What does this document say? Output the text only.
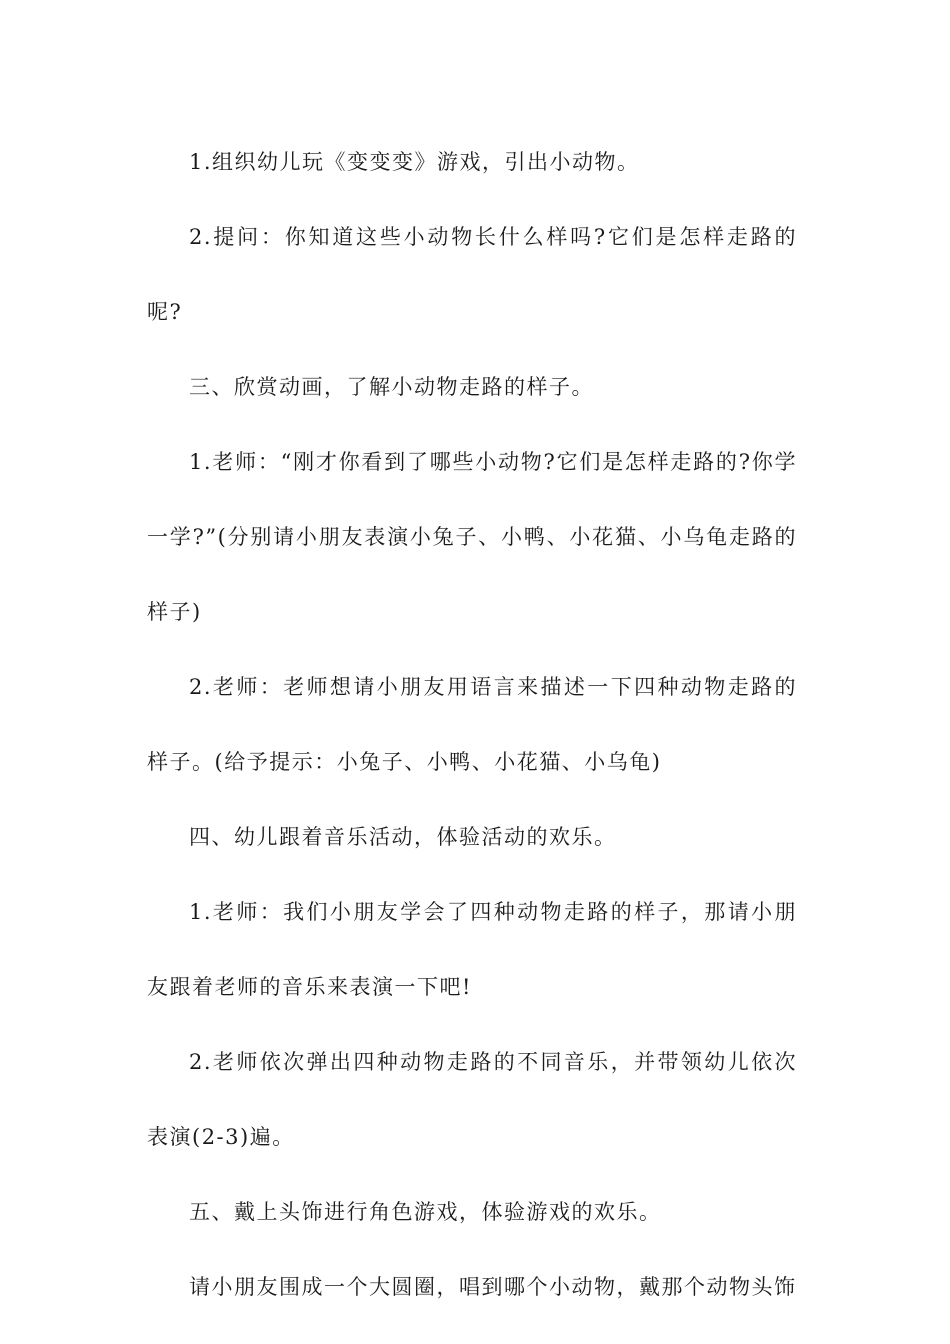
1.组织幼儿玩《变变变》游戏，引出小动物。

2.提问：你知道这些小动物长什么样吗?它们是怎样走路的呢?

三、欣赏动画，了解小动物走路的样子。

1.老师：“刚才你看到了哪些小动物?它们是怎样走路的?你学一学?”(分别请小朋友表演小兔子、小鸭、小花猫、小乌龟走路的样子)

2.老师：老师想请小朋友用语言来描述一下四种动物走路的样子。(给予提示：小兔子、小鸭、小花猫、小乌龟)

四、幼儿跟着音乐活动，体验活动的欢乐。

1.老师：我们小朋友学会了四种动物走路的样子，那请小朋友跟着老师的音乐来表演一下吧!

2.老师依次弹出四种动物走路的不同音乐，并带领幼儿依次表演(2-3)遍。

五、戴上头饰进行角色游戏，体验游戏的欢乐。

请小朋友围成一个大圆圈，唱到哪个小动物，戴那个动物头饰
